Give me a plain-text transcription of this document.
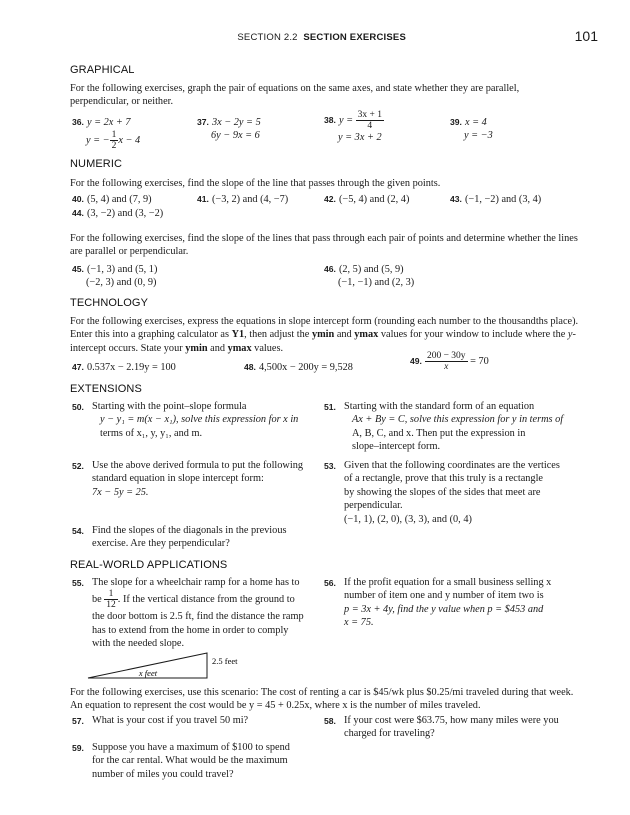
SECTION 2.2 SECTION EXERCISES	101
GRAPHICAL
For the following exercises, graph the pair of equations on the same axes, and state whether they are parallel, perpendicular, or neither.
36. y = 2x + 7
y = − $\frac{1}{2}$ x − 4
37. 3x − 2y = 5
6y − 9x = 6
38. $y = \frac{3x + 1}{4}$
y = 3x + 2
39. x = 4
y = −3
NUMERIC
For the following exercises, find the slope of the line that passes through the given points.
40. (5, 4) and (7, 9)	41. (−3, 2) and (4, −7)	42. (−5, 4) and (2, 4)	43. (−1, −2) and (3, 4)
44. (3, −2) and (3, −2)
For the following exercises, find the slope of the lines that pass through each pair of points and determine whether the lines are parallel or perpendicular.
45. (−1, 3) and (5, 1)
(−2, 3) and (0, 9)
46. (2, 5) and (5, 9)
(−1, −1) and (2, 3)
TECHNOLOGY
For the following exercises, express the equations in slope intercept form (rounding each number to the thousandths place). Enter this into a graphing calculator as Y1, then adjust the ymin and ymax values for your window to include where the y-intercept occurs. State your ymin and ymax values.
47. 0.537x − 2.19y = 100	48. 4,500x − 200y = 9,528
49. $\frac{200 - 30y}{x} = 70$
EXTENSIONS
50. Starting with the point–slope formula

y − y₁ = m(x − x₁), solve this expression for x in

terms of x₁, y, y₁, and m.

51. Starting with the standard form of an equation

Ax + By = C, solve this expression for y in terms of

A, B, C, and x. Then put the expression in

slope–intercept form.

52. Use the above derived formula to put the following

standard equation in slope intercept form:

7x − 5y = 25.

53. Given that the following coordinates are the vertices

of a rectangle, prove that this truly is a rectangle

by showing the slopes of the sides that meet are

perpendicular.

(−1, 1), (2, 0), (3, 3), and (0, 4)

54. Find the slopes of the diagonals in the previous

exercise. Are they perpendicular?

REAL-WORLD APPLICATIONS
55. The slope for a wheelchair ramp for a home has to

be $\frac{1}{12}$ . If the vertical distance from the ground to

the door bottom is 2.5 ft, find the distance the ramp

has to extend from the home in order to comply

with the needed slope.

x feet
2.5 feet
56. If the profit equation for a small business selling x

number of item one and y number of item two is

p = 3x + 4y, find the y value when p = $453 and

x = 75.

For the following exercises, use this scenario: The cost of renting a car is $45/wk plus $0.25/mi traveled during that week. An equation to represent the cost would be y = 45 + 0.25x, where x is the number of miles traveled.
57. What is your cost if you travel 50 mi?	58. If your cost were $63.75, how many miles were you

charged for traveling?

59. Suppose you have a maximum of $100 to spend

for the car rental. What would be the maximum

number of miles you could travel?
